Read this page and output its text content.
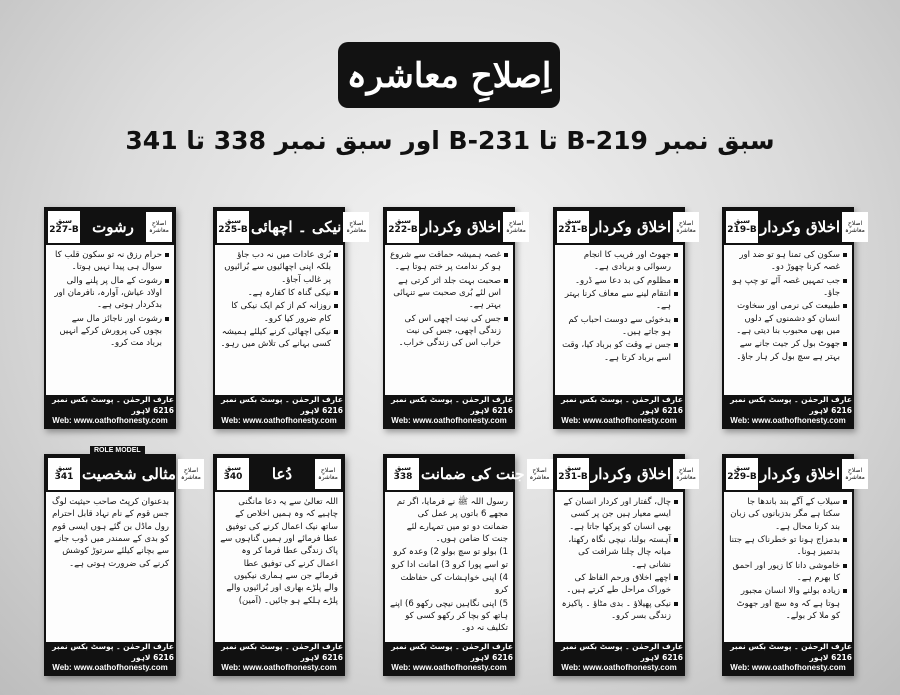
اِصلاحِ معاشرہ
سبق نمبر B-219 تا B-231 اور سبق نمبر 338 تا 341
سبق
219-B اخلاق وکردار	اصلاحِ معاشرہ
سکون کی تمنا ہو تو ضد اور غصہ کرنا چھوڑ دو۔
جب تمہیں غصہ آئے تو چپ ہو جاؤ۔
طبیعت کی نرمی اور سخاوت انسان کو دشمنوں کے دلوں میں بھی محبوب بنا دیتی ہے۔
جھوٹ بول کر جیت جانے سے بہتر ہے سچ بول کر ہار جاؤ۔
عارف الرحمٰن ۔ پوسٹ بکس نمبر 6216 لاہور
Web: www.oathofhonesty.com
سبق
221-B اخلاق وکردار	اصلاحِ معاشرہ
جھوٹ اور فریب کا انجام رسوائی و بربادی ہے۔
مظلوم کی بد دعا سے ڈرو۔
انتقام لینے سے معاف کرنا بہتر ہے۔
بدخوئی سے دوست احباب کم ہو جاتے ہیں۔
جس نے وقت کو برباد کیا، وقت اسے برباد کرتا ہے۔
عارف الرحمٰن ۔ پوسٹ بکس نمبر 6216 لاہور
Web: www.oathofhonesty.com
سبق
222-B اخلاق وکردار	اصلاحِ معاشرہ
غصہ ہمیشہ حماقت سے شروع ہو کر ندامت پر ختم ہوتا ہے۔
صحبت بہت جلد اثر کرتی ہے اس لئے بُری صحبت سے تنہائی بہتر ہے۔
جس کی نیت اچھی اس کی زندگی اچھی، جس کی نیت خراب اس کی زندگی خراب۔
عارف الرحمٰن ۔ پوسٹ بکس نمبر 6216 لاہور
Web: www.oathofhonesty.com
سبق
225-B نیکی ۔ اچھائی	اصلاحِ معاشرہ
بُری عادات میں نہ دب جاؤ بلکہ اپنی اچھائیوں سے بُرائیوں پر غالب آجاؤ۔
نیکی گناہ کا کفارہ ہے۔
روزانہ کم از کم ایک نیکی کا کام ضرور کیا کرو۔
نیکی اچھائی کرنے کیلئے ہمیشہ کسی بہانے کی تلاش میں رہو۔
عارف الرحمٰن ۔ پوسٹ بکس نمبر 6216 لاہور
Web: www.oathofhonesty.com
سبق
227-B رشوت	اصلاحِ معاشرہ
حرام رزق نہ تو سکون قلب کا سوال ہی پیدا نہیں ہوتا۔
رشوت کے مال پر پلنے والی اولاد عیاش، آوارہ، نافرمان اور بدکردار ہوتی ہے۔
رشوت اور ناجائز مال سے بچوں کی پرورش کرکے انہیں برباد مت کرو۔
عارف الرحمٰن ۔ پوسٹ بکس نمبر 6216 لاہور
Web: www.oathofhonesty.com
سبق
229-B اخلاق وکردار	اصلاحِ معاشرہ
سیلاب کے آگے بند باندھا جا سکتا ہے مگر بدزبانوں کی زبان بند کرنا محال ہے۔
بدمزاج ہونا تو خطرناک ہے جتنا بدتمیز ہونا۔
خاموشی دانا کا زیور اور احمق کا بھرم ہے۔
زیادہ بولنے والا انسان مجبور ہوتا ہے کہ وہ سچ اور جھوٹ کو ملا کر بولے۔
عارف الرحمٰن ۔ پوسٹ بکس نمبر 6216 لاہور
Web: www.oathofhonesty.com
سبق
231-B اخلاق وکردار	اصلاحِ معاشرہ
چال، گفتار اور کردار انسان کے ایسے معیار ہیں جن پر کسی بھی انسان کو پرکھا جاتا ہے۔
آہستہ بولنا، نیچی نگاہ رکھنا، میانہ چال چلنا شرافت کی نشانی ہے۔
اچھے اخلاق ورحم الفاظ کی خوراک مراحل طے کرتے ہیں۔
نیکی پھیلاؤ ۔ بدی مٹاؤ ۔ پاکیزہ زندگی بسر کرو۔
عارف الرحمٰن ۔ پوسٹ بکس نمبر 6216 لاہور
Web: www.oathofhonesty.com
سبق
338 جنت کی ضمانت	اصلاحِ معاشرہ
رسول اللہ ﷺ نے فرمایا، اگر تم مجھے 6 باتوں پر عمل کی ضمانت دو تو میں تمہارے لئے جنت کا ضامن ہوں۔
1) بولو تو سچ بولو 2) وعدہ کرو تو اسے پورا کرو 3) امانت ادا کرو
4) اپنی خواہشات کی حفاظت کرو
5) اپنی نگاہیں نیچی رکھو 6) اپنے ہاتھ کو بچا کر رکھو کسی کو تکلیف نہ دو۔
عارف الرحمٰن ۔ پوسٹ بکس نمبر 6216 لاہور
Web: www.oathofhonesty.com
سبق
340	دُعا	اصلاحِ معاشرہ
اللہ تعالیٰ سے یہ دعا مانگنی چاہیے کہ وہ ہمیں اخلاص کے ساتھ نیک اعمال کرنے کی توفیق عطا فرمائے اور ہمیں گناہوں سے پاک زندگی عطا فرما کر وہ اعمال کرنے کی توفیق عطا فرمائے جن سے ہماری نیکیوں والے پلڑے بھاری اور بُرائیوں والے پلڑے ہلکے ہو جائیں۔ (آمین)
عارف الرحمٰن ۔ پوسٹ بکس نمبر 6216 لاہور
Web: www.oathofhonesty.com
سبق
341 مثالی شخصیت	اصلاحِ معاشرہ
ROLE MODEL
بدعنوان کرپٹ صاحب حیثیت لوگ جس قوم کے نام نہاد قابل احترام رول ماڈل بن گئے ہوں ایسی قوم کو بدی کے سمندر میں ڈوب جانے سے بچانے کیلئے سرتوڑ کوشش کرنے کی ضرورت ہوتی ہے۔
عارف الرحمٰن ۔ پوسٹ بکس نمبر 6216 لاہور
Web: www.oathofhonesty.com
